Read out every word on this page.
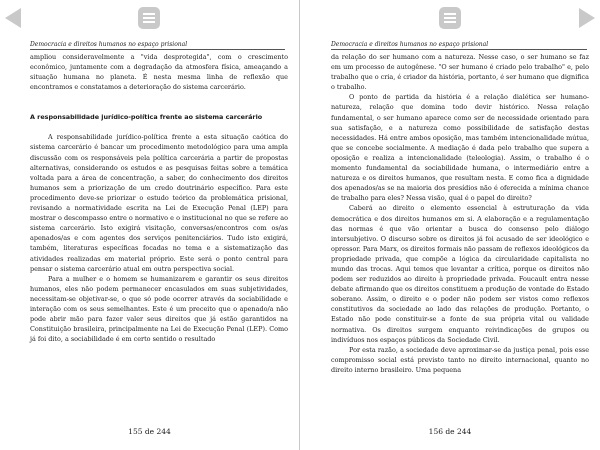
Democracia e direitos humanos no espaço prisional

ampliou consideravelmente a "vida desprotegida", com o crescimento econômico, juntamente com a degradação da atmosfera física, ameaçando a situação humana no planeta. É nesta mesma linha de reflexão que encontramos e constatamos a deterioração do sistema carcerário.

A responsabilidade jurídico-política frente ao sistema carcerário

A responsabilidade jurídico-política frente a esta situação caótica do sistema carcerário é bancar um procedimento metodológico para uma ampla discussão com os responsáveis pela política carcerária a partir de propostas alternativas, considerando os estudos e as pesquisas feitas sobre a temática voltada para a área de concentração, a saber, do conhecimento dos direitos humanos sem a priorização de um credo doutrinário específico. Para este procedimento deve-se priorizar o estudo teórico da problemática prisional, revisando a normatividade escrita na Lei de Execução Penal (LEP) para mostrar o descompasso entre o normativo e o institucional no que se refere ao sistema carcerário. Isto exigirá visitação, conversas/encontros com os/as apenados/as e com agentes dos serviços penitenciários. Tudo isto exigirá, também, literaturas específicas focadas no tema e a sistematização das atividades realizadas em material próprio. Este será o ponto central para pensar o sistema carcerário atual em outra perspectiva social.

Para a mulher e o homem se humanizarem e garantir os seus direitos humanos, eles não podem permanecer encasulados em suas subjetividades, necessitam-se objetivar-se, o que só pode ocorrer através da sociabilidade e interação com os seus semelhantes. Este é um preceito que o apenado/a não pode abrir mão para fazer valer seus direitos que já estão garantidos na Constituição brasileira, principalmente na Lei de Execução Penal (LEP). Como já foi dito, a sociabilidade é em certo sentido o resultado

155 de 244
Democracia e direitos humanos no espaço prisional

da relação do ser humano com a natureza. Nesse caso, o ser humano se faz em um processo de autogênese. "O ser humano é criado pelo trabalho" e, pelo trabalho que o cria, é criador da história, portanto, é ser humano que dignifica o trabalho.

O ponto de partida da história é a relação dialética ser humano-natureza, relação que domina todo devir histórico. Nessa relação fundamental, o ser humano aparece como ser de necessidade orientado para sua satisfação, e a natureza como possibilidade de satisfação destas necessidades. Há entre ambos oposição, mas também intencionalidade mútua, que se concebe socialmente. A mediação é dada pelo trabalho que supera a oposição e realiza a intencionalidade (teleologia). Assim, o trabalho é o momento fundamental da sociabilidade humana, o intermediário entre a natureza e os direitos humanos, que resultam nesta. E como fica a dignidade dos apenados/as se na maioria dos presídios não é oferecida a mínima chance de trabalho para eles? Nessa visão, qual é o papel do direito?

Caberá ao direito o elemento essencial à estruturação da vida democrática e dos direitos humanos em si. A elaboração e a regulamentação das normas é que vão orientar a busca do consenso pelo diálogo intersubjetivo. O discurso sobre os direitos já foi acusado de ser ideológico e opressor. Para Marx, os direitos formais não passam de reflexos ideológicos da propriedade privada, que compõe a lógica da circularidade capitalista no mundo das trocas. Aqui temos que levantar a crítica, porque os direitos não podem ser reduzidos ao direito à propriedade privada. Foucault entra nesse debate afirmando que os direitos constituem a produção de vontade do Estado soberano. Assim, o direito e o poder não podem ser vistos como reflexos constitutivos da sociedade ao lado das relações de produção. Portanto, o Estado não pode constituir-se a fonte de sua própria vital ou validade normativa. Os direitos surgem enquanto reivindicações de grupos ou indivíduos nos espaços públicos da Sociedade Civil.

Por esta razão, a sociedade deve aproximar-se da justiça penal, pois esse compromisso social está previsto tanto no direito internacional, quanto no direito interno brasileiro. Uma pequena

156 de 244
